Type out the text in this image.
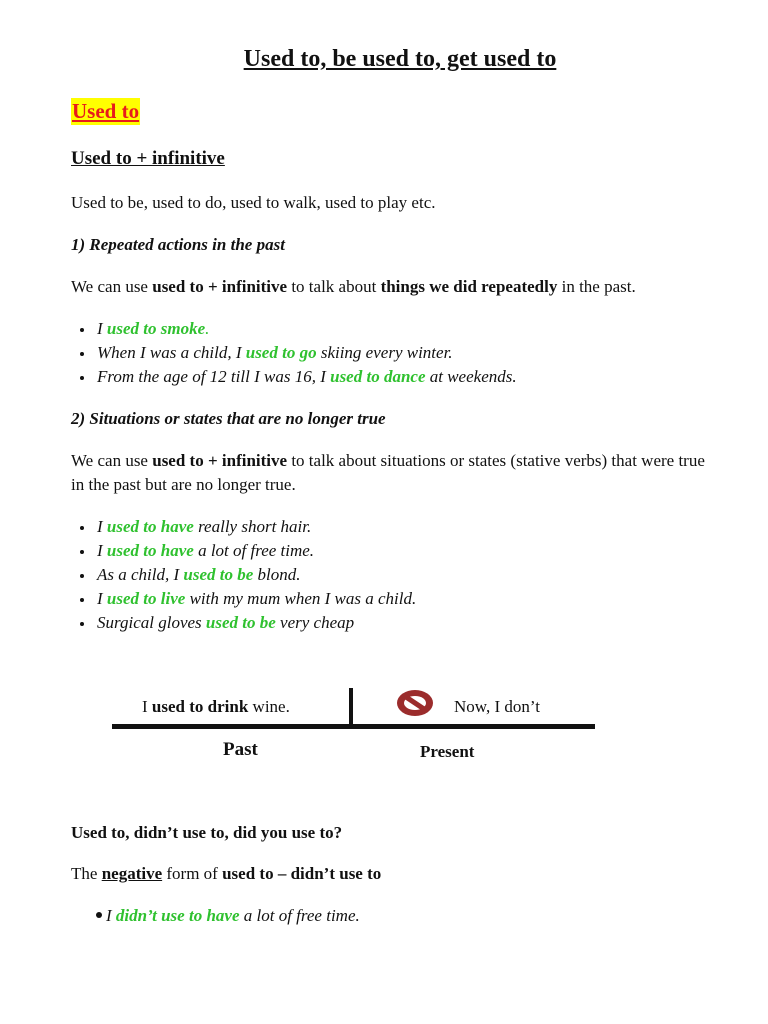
Used to, be used to, get used to
Used to
Used to + infinitive
Used to be, used to do, used to walk, used to play etc.
1) Repeated actions in the past
We can use used to + infinitive to talk about things we did repeatedly in the past.
I used to smoke.
When I was a child, I used to go skiing every winter.
From the age of 12 till I was 16, I used to dance at weekends.
2) Situations or states that are no longer true
We can use used to + infinitive to talk about situations or states (stative verbs) that were true
in the past but are no longer true.
I used to have really short hair.
I used to have a lot of free time.
As a child, I used to be blond.
I used to live with my mum when I was a child.
Surgical gloves used to be very cheap
I used to drink wine.	Now, I don’t
Past	Present
Used to, didn’t use to, did you use to?
The negative form of used to – didn’t use to
I didn’t use to have a lot of free time.
